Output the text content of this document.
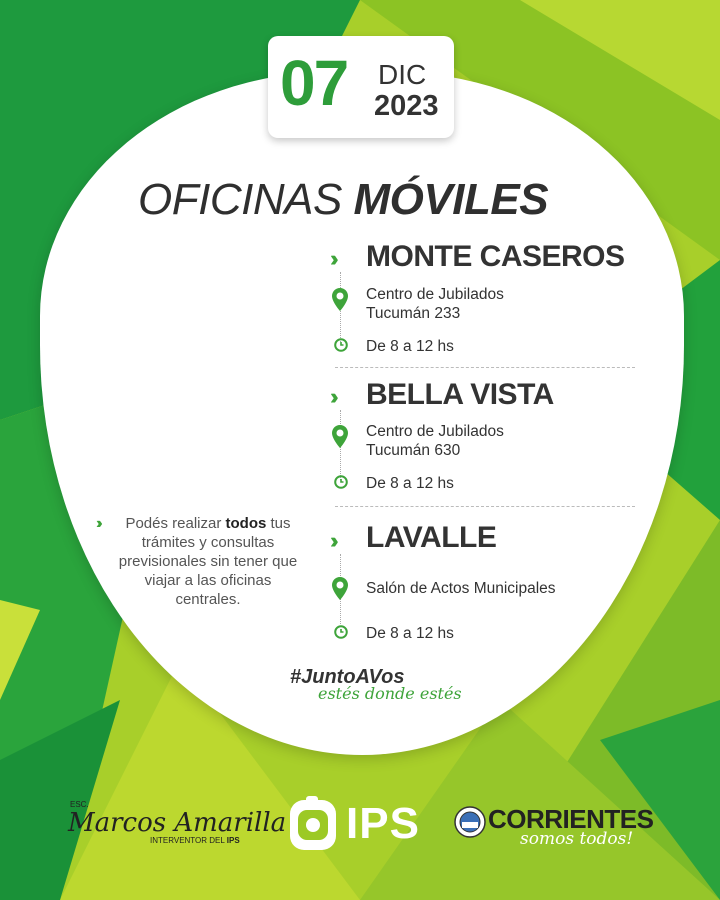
07 DIC
2023
OFICINAS MÓVILES
›› MONTE CASEROS
Centro de Jubilados
Tucumán 233
De 8 a 12 hs
›› BELLA VISTA
Centro de Jubilados
Tucumán 630
De 8 a 12 hs
›› LAVALLE
Salón de Actos Municipales
De 8 a 12 hs
››	Podés realizar todos tus trámites y consultas previsionales sin tener que viajar a las oficinas centrales.
#JuntoAVos
estés donde estés
ESC.
Marcos Amarilla
INTERVENTOR DEL IPS IPS	CORRIENTES
somos todos!
